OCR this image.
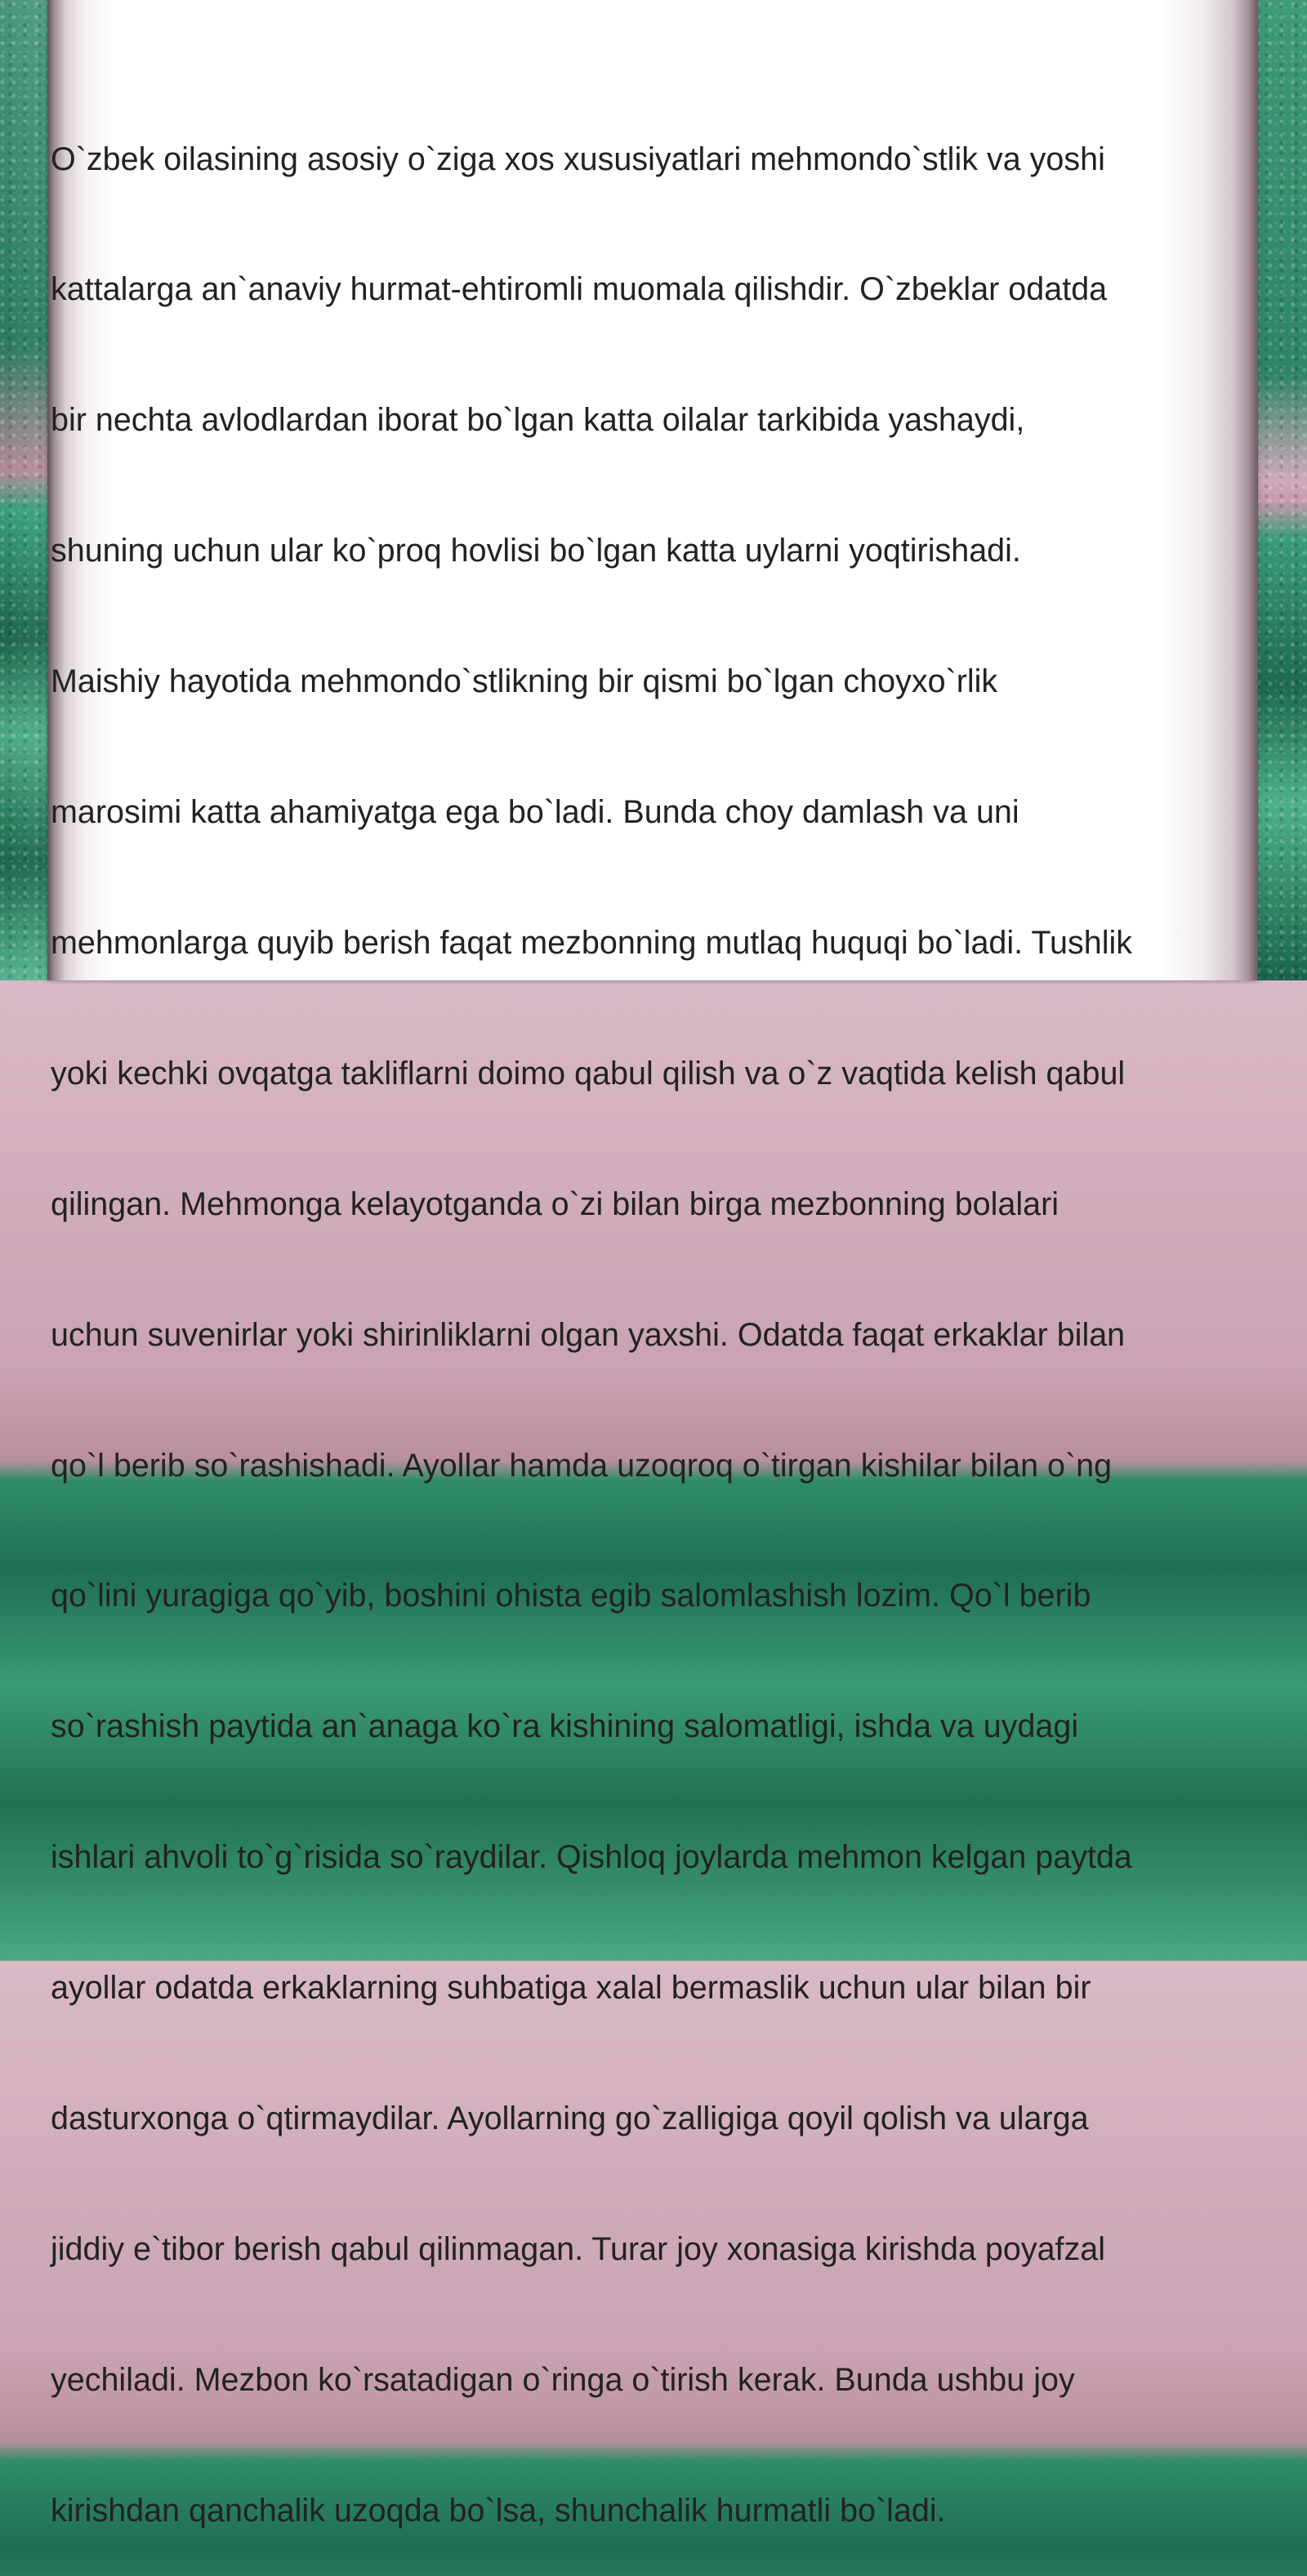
O`zbek oilasining asosiy o`ziga xos xususiyatlari mehmondo`stlik va yoshi

kattalarga an`anaviy hurmat-ehtiromli muomala qilishdir. O`zbeklar odatda

bir nechta avlodlardan iborat bo`lgan katta oilalar tarkibida yashaydi,

shuning uchun ular ko`proq hovlisi bo`lgan katta uylarni yoqtirishadi.

Maishiy hayotida mehmondo`stlikning bir qismi bo`lgan choyxo`rlik

marosimi katta ahamiyatga ega bo`ladi. Bunda choy damlash va uni

mehmonlarga quyib berish faqat mezbonning mutlaq huquqi bo`ladi. Tushlik

yoki kechki ovqatga takliflarni doimo qabul qilish va o`z vaqtida kelish qabul

qilingan. Mehmonga kelayotganda o`zi bilan birga mezbonning bolalari

uchun suvenirlar yoki shirinliklarni olgan yaxshi. Odatda faqat erkaklar bilan

qo`l berib so`rashishadi. Ayollar hamda uzoqroq o`tirgan kishilar bilan o`ng

qo`lini yuragiga qo`yib, boshini ohista egib salomlashish lozim. Qo`l berib

so`rashish paytida an`anaga ko`ra kishining salomatligi, ishda va uydagi

ishlari ahvoli to`g`risida so`raydilar. Qishloq joylarda mehmon kelgan paytda

ayollar odatda erkaklarning suhbatiga xalal bermaslik uchun ular bilan bir

dasturxonga o`qtirmaydilar. Ayollarning go`zalligiga qoyil qolish va ularga

jiddiy e`tibor berish qabul qilinmagan. Turar joy xonasiga kirishda poyafzal

yechiladi. Mezbon ko`rsatadigan o`ringa o`tirish kerak. Bunda ushbu joy

kirishdan qanchalik uzoqda bo`lsa, shunchalik hurmatli bo`ladi.
